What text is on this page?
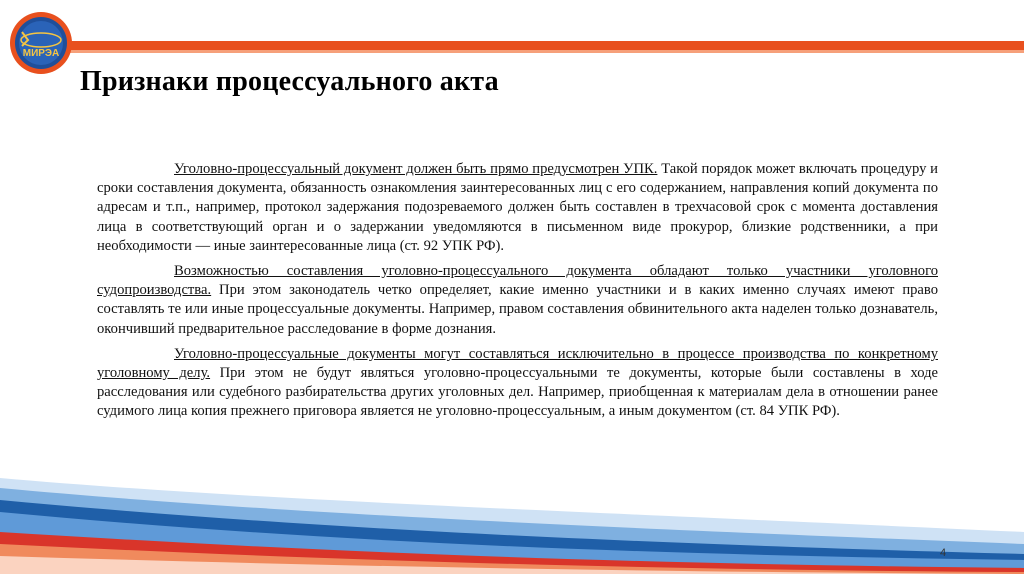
МИРЭА
Признаки процессуального акта

Уголовно-процессуальный документ должен быть прямо предусмотрен УПК. Такой порядок может включать процедуру и сроки составления документа, обязанность ознакомления заинтересованных лиц с его содержанием, направления копий документа по адресам и т.п., например, протокол задержания подозреваемого должен быть составлен в трехчасовой срок с момента доставления лица в соответствующий орган и о задержании уведомляются в письменном виде прокурор, близкие родственники, а при необходимости — иные заинтересованные лица (ст. 92 УПК РФ).

Возможностью составления уголовно-процессуального документа обладают только участники уголовного судопроизводства. При этом законодатель четко определяет, какие именно участники и в каких именно случаях имеют право составлять те или иные процессуальные документы. Например, правом составления обвинительного акта наделен только дознаватель, окончивший предварительное расследование в форме дознания.

Уголовно-процессуальные документы могут составляться исключительно в процессе производства по конкретному уголовному делу. При этом не будут являться уголовно-процессуальными те документы, которые были составлены в ходе расследования или судебного разбирательства других уголовных дел. Например, приобщенная к материалам дела в отношении ранее судимого лица копия прежнего приговора является не уголовно-процессуальным, а иным документом (ст. 84 УПК РФ).

4
